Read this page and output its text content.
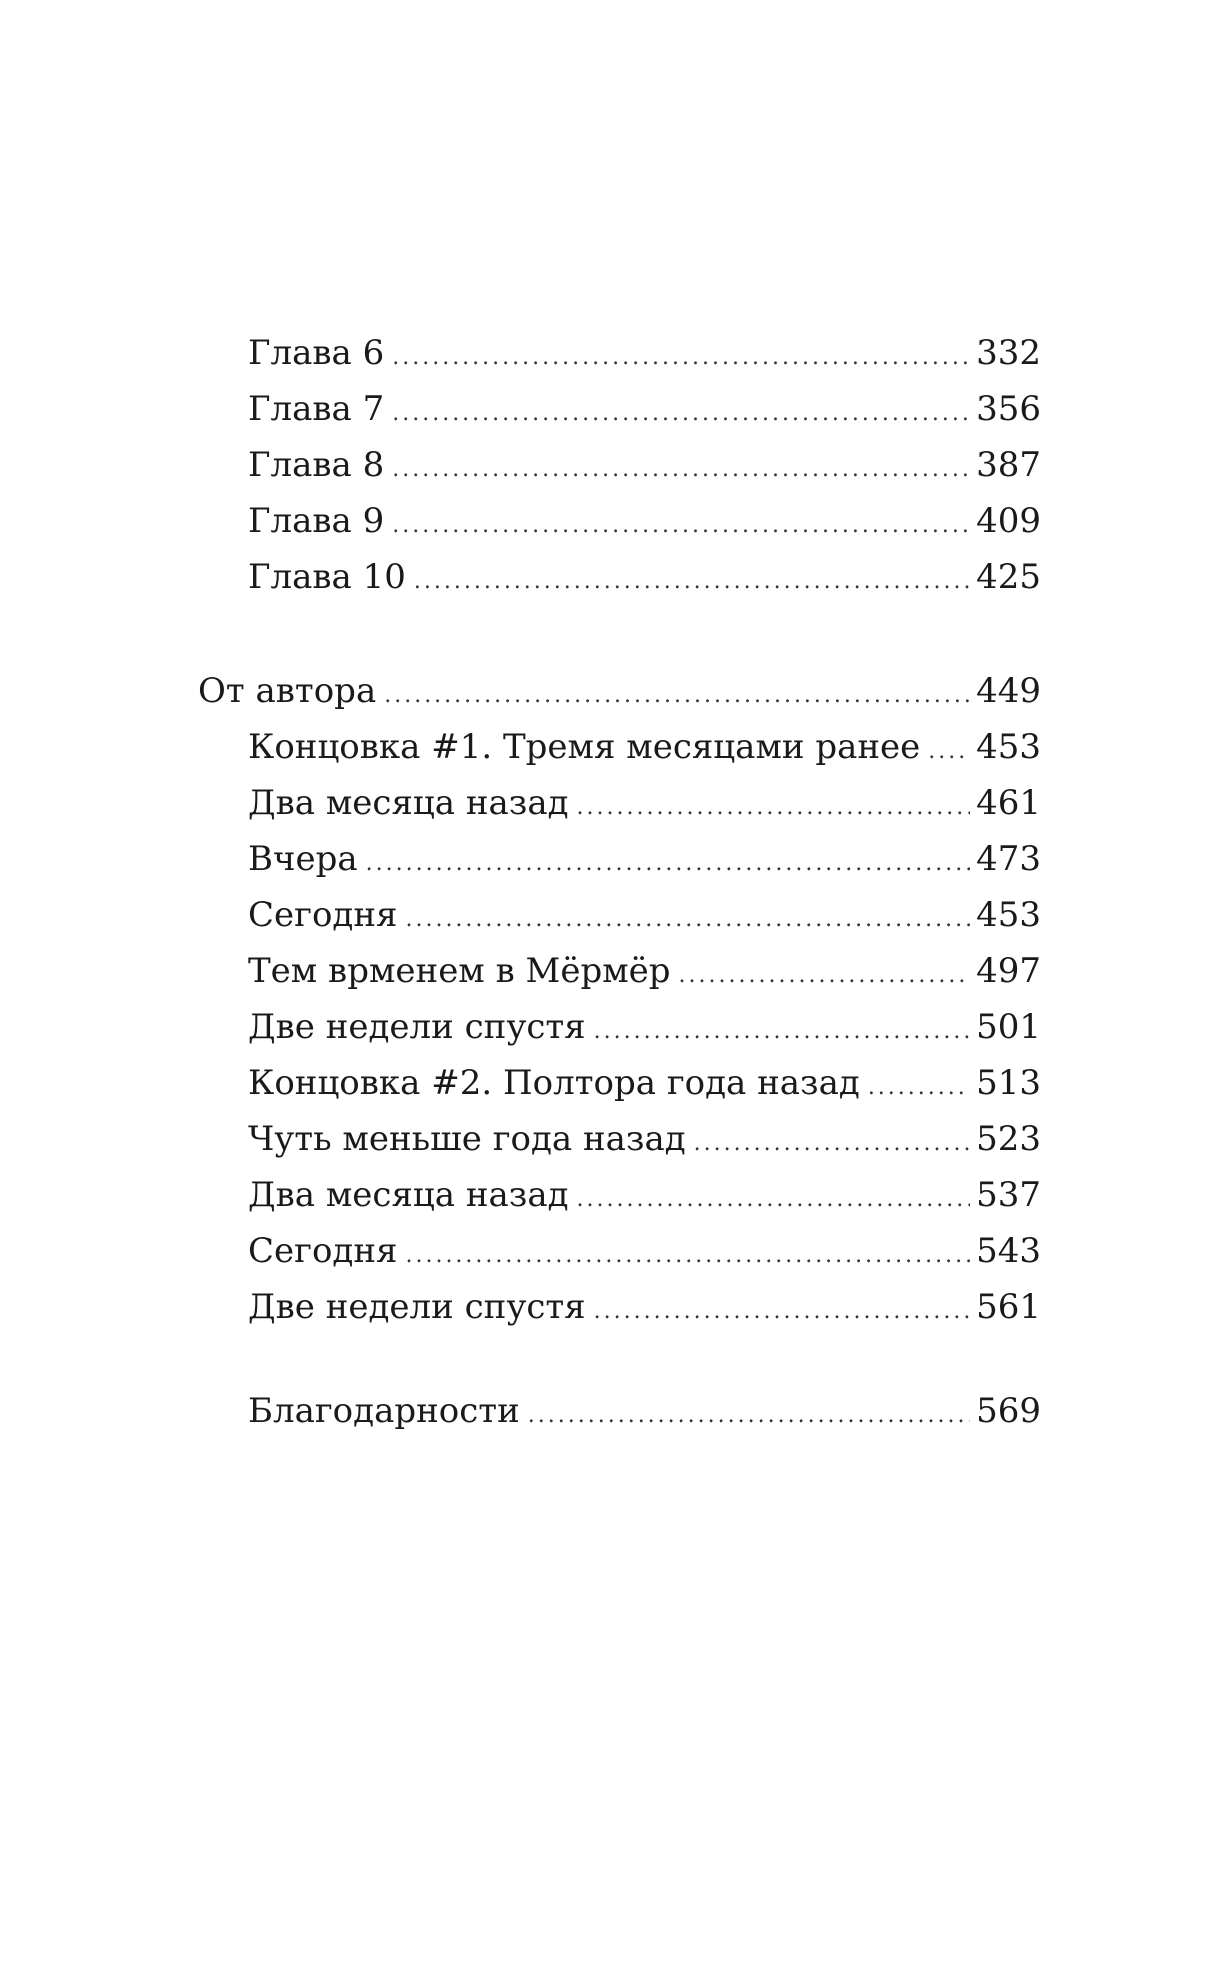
Глава 6 .....	332
Глава 7 .....	356
Глава 8 .....	387
Глава 9 .....	409
Глава 10 .....	425
От автора .....	449
Концовка #1. Тремя месяцами ранее ..... 453
Два месяца назад .....	461
Вчера .....	473
Сегодня .....	453
Тем врменем в Мёрмёр .....	497
Две недели спустя .....	501
Концовка #2. Полтора года назад .....	513
Чуть меньше года назад .....	523
Два месяца назад .....	537
Сегодня .....	543
Две недели спустя .....	561
Благодарности .....	569
